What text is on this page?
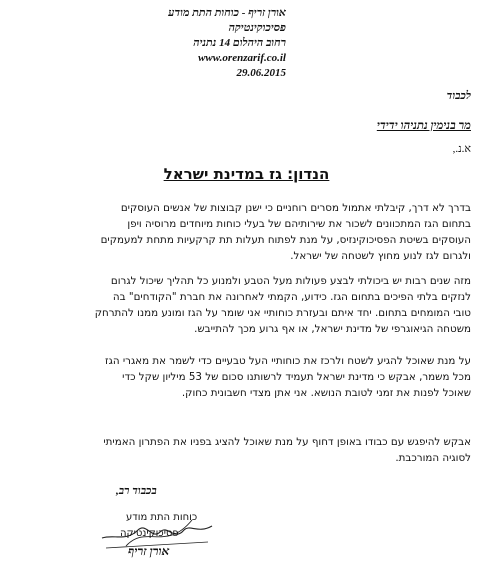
אורן זריף - כוחות התת מודע
פסיכוקינטיקה
רחוב היהלום 14 נתניה
www.orenzarif.co.il
29.06.2015
לכבוד
מר בנימין נתניהו ידידי
א.נ.,
הנדון: גז במדינת ישראל
בדרך לא דרך, קיבלתי אתמול מסרים רוחניים כי ישנן קבוצות של אנשים העוסקים
בתחום הגז המתכוונים לשכור את שירותיהם של בעלי כוחות מיוחדים מרוסיה ויפן
העוסקים בשיטת הפסיכוקינזיס, על מנת לפתוח תעלות תת קרקעיות מתחת למעמקים
ולגרום לגז לנוע מחוץ לשטחה של ישראל.
מזה שנים רבות יש ביכולתי לבצע פעולות מעל הטבע ולמנוע כל תהליך שיכול לגרום
לנזקים בלתי הפיכים בתחום הגז. כידוע, הקמתי לאחרונה את חברת "הקודחים" בה
טובי המומחים בתחום. יחד איתם ובעזרת כוחותיי אני שומר על הגז ומונע ממנו להתרחק
משטחה הגיאוגרפי של מדינת ישראל, או אף גרוע מכך להתייבש.
על מנת שאוכל להגיע לשטח ולרכז את כוחותיי העל טבעיים כדי לשמר את מאגרי הגז
מכל משמר, אבקש כי מדינת ישראל תעמיד לרשותנו סכום של 53 מיליון שקל כדי
שאוכל לפנות את זמני לטובת הנושא. אני אתן מצדי חשבונית כחוק.
אבקש להיפגש עם כבודו באופן דחוף על מנת שאוכל להציג בפניו את הפתרון האמיתי
לסוגיה המורכבת.
בכבוד רב,
כוחות התת מודע
פסיכוקינטיקה
אורן זריף
